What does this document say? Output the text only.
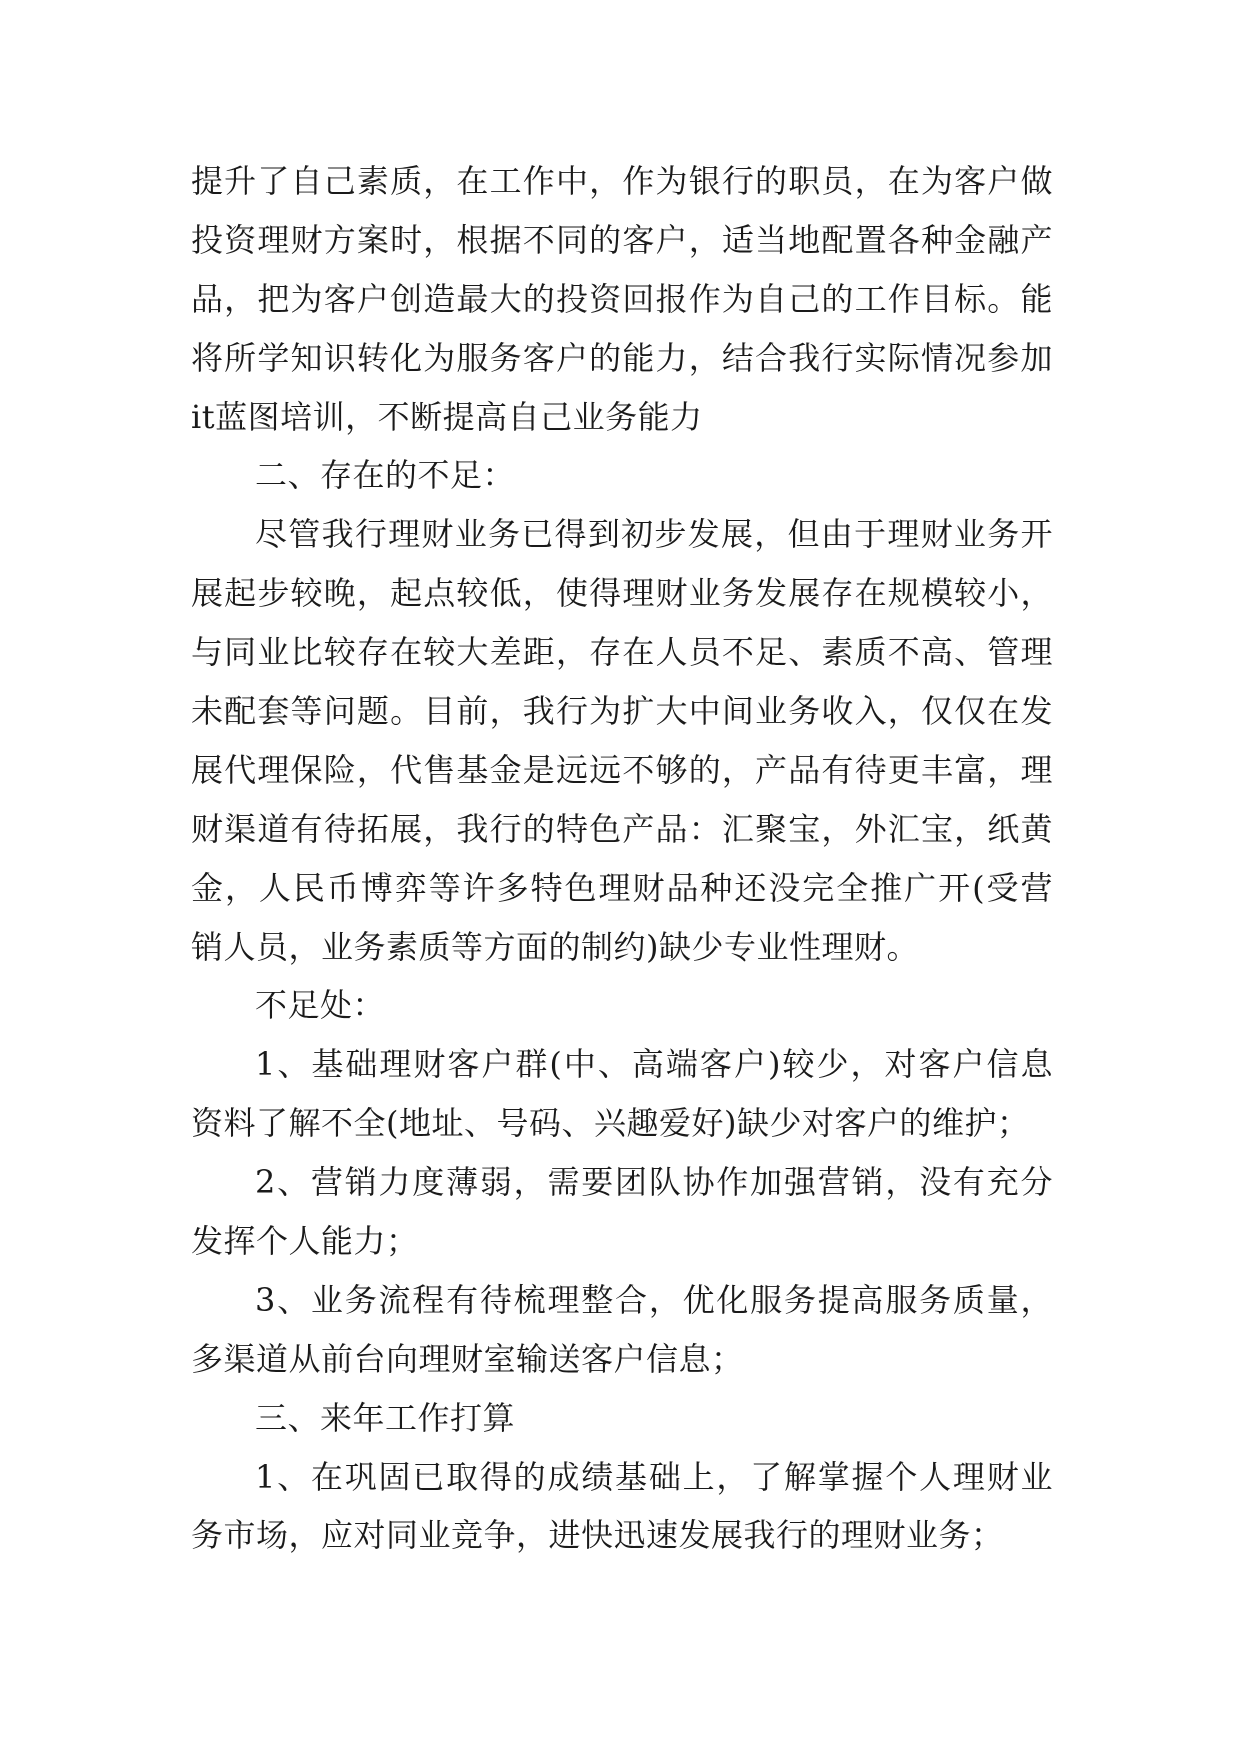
提升了自己素质，在工作中，作为银行的职员，在为客户做
投资理财方案时，根据不同的客户，适当地配置各种金融产
品，把为客户创造最大的投资回报作为自己的工作目标。能
将所学知识转化为服务客户的能力，结合我行实际情况参加
it蓝图培训，不断提高自己业务能力
二、存在的不足：
尽管我行理财业务已得到初步发展，但由于理财业务开
展起步较晚，起点较低，使得理财业务发展存在规模较小，
与同业比较存在较大差距，存在人员不足、素质不高、管理
未配套等问题。目前，我行为扩大中间业务收入，仅仅在发
展代理保险，代售基金是远远不够的，产品有待更丰富，理
财渠道有待拓展，我行的特色产品：汇聚宝，外汇宝，纸黄
金，人民币博弈等许多特色理财品种还没完全推广开(受营
销人员，业务素质等方面的制约)缺少专业性理财。
不足处：
1、基础理财客户群(中、高端客户)较少，对客户信息
资料了解不全(地址、号码、兴趣爱好)缺少对客户的维护；
2、营销力度薄弱，需要团队协作加强营销，没有充分
发挥个人能力；
3、业务流程有待梳理整合，优化服务提高服务质量，
多渠道从前台向理财室输送客户信息；
三、来年工作打算
1、在巩固已取得的成绩基础上，了解掌握个人理财业
务市场，应对同业竞争，进快迅速发展我行的理财业务；
